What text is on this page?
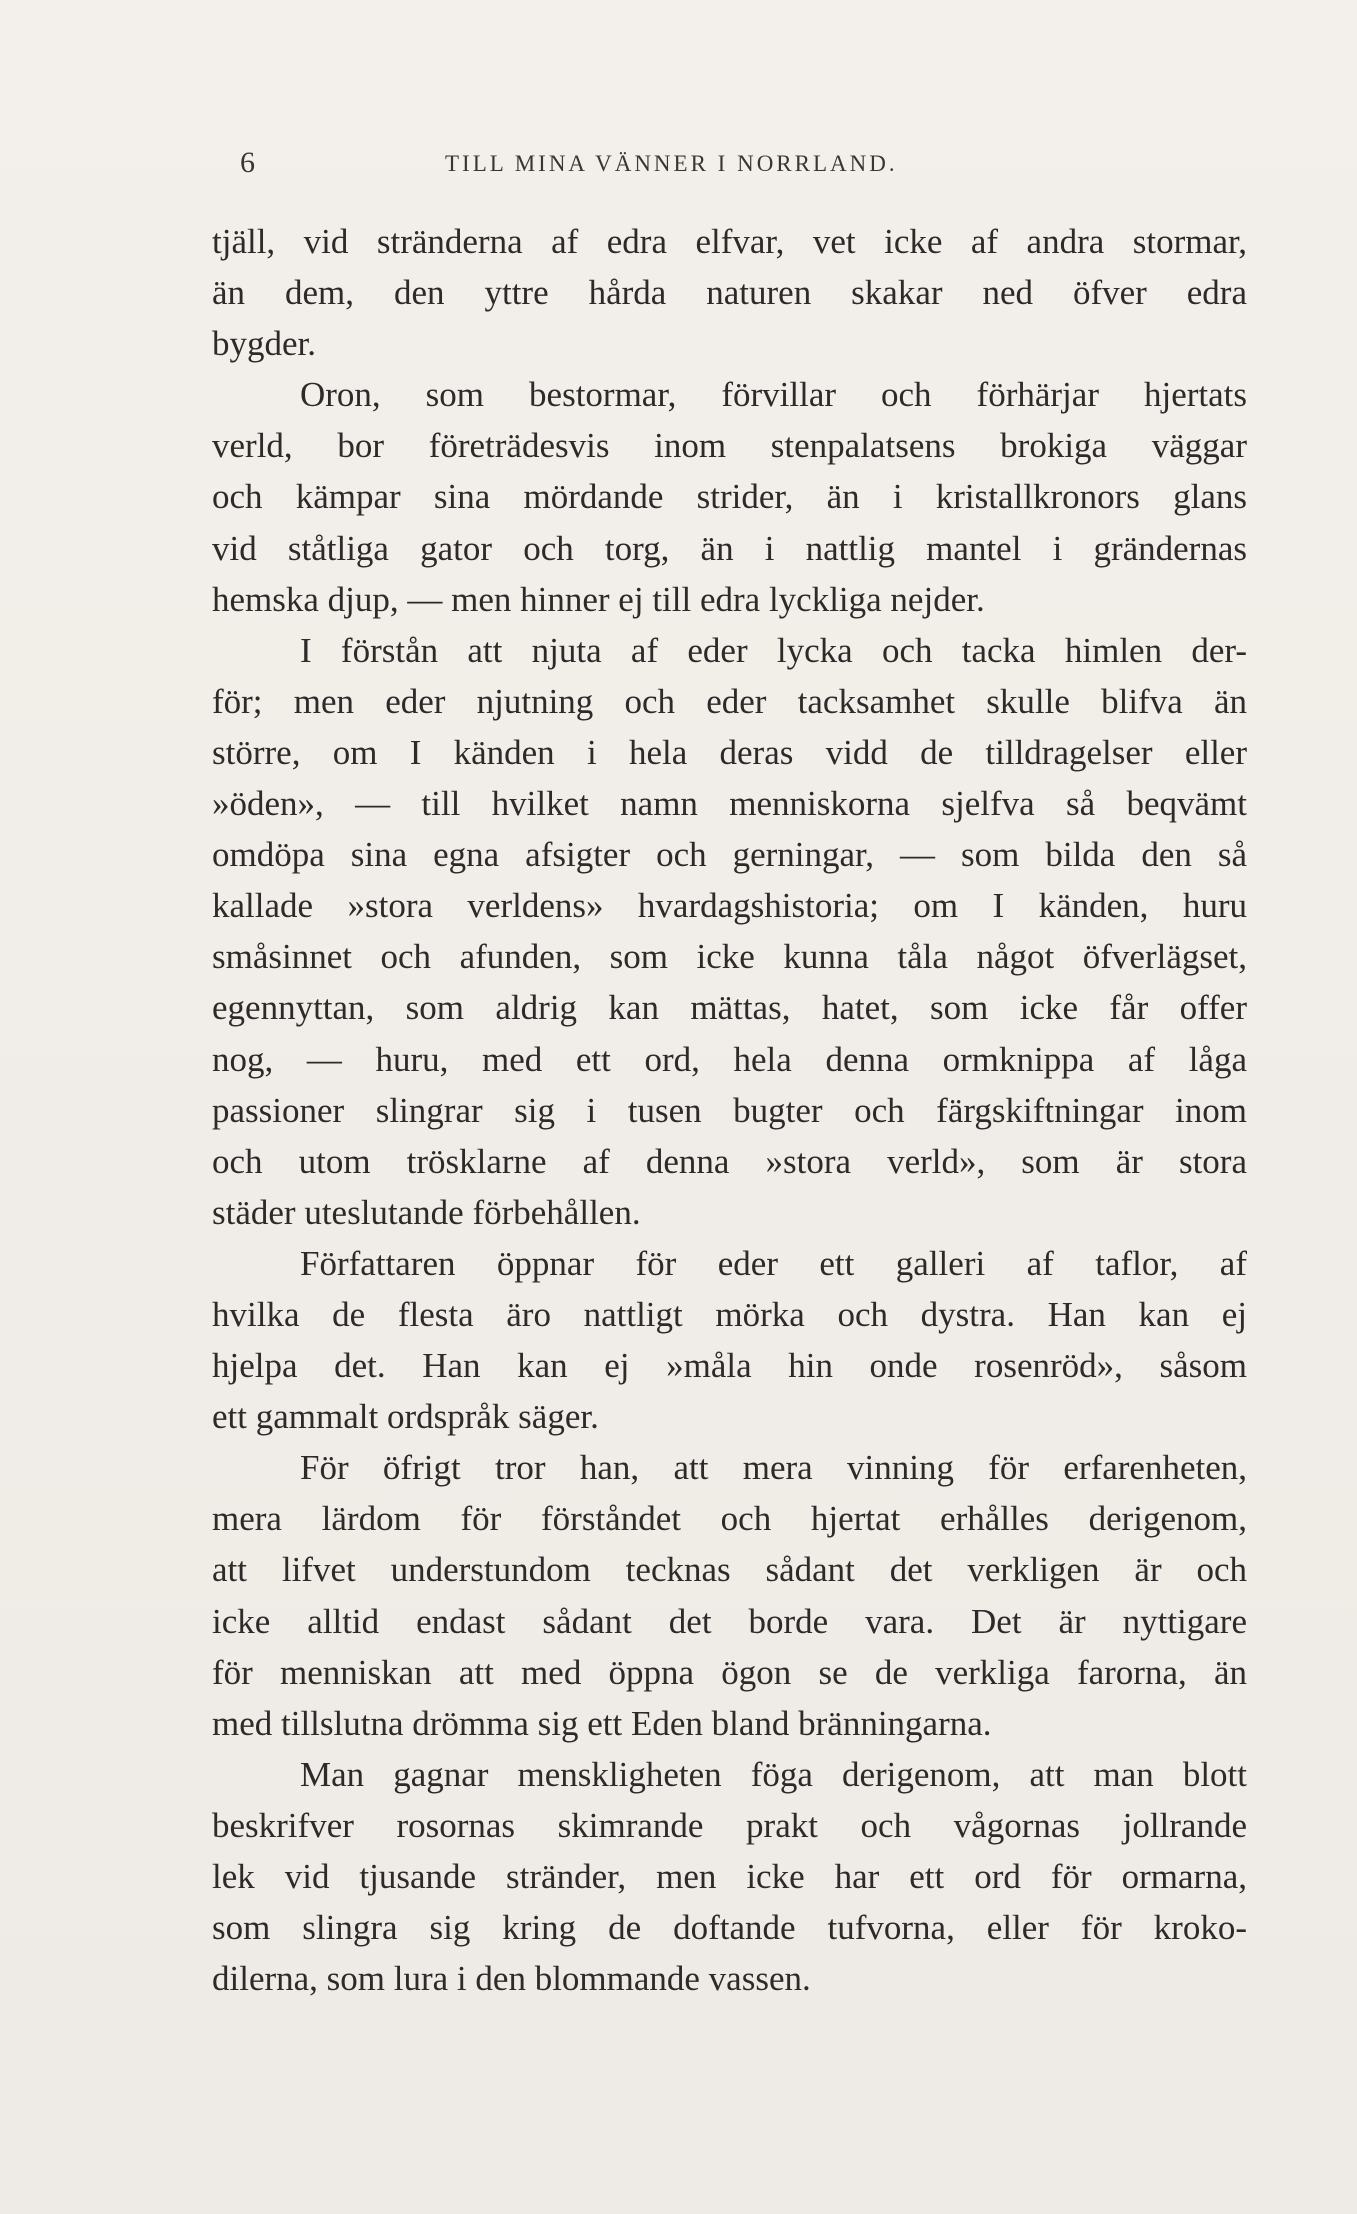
6	TILL MINA VÄNNER I NORRLAND.
tjäll, vid stränderna af edra elfvar, vet icke af andra stormar,
än dem, den yttre hårda naturen skakar ned öfver edra
bygder.
Oron, som bestormar, förvillar och förhärjar hjertats
verld, bor företrädesvis inom stenpalatsens brokiga väggar
och kämpar sina mördande strider, än i kristallkronors glans
vid ståtliga gator och torg, än i nattlig mantel i grändernas
hemska djup, — men hinner ej till edra lyckliga nejder.
I förstån att njuta af eder lycka och tacka himlen der-
för; men eder njutning och eder tacksamhet skulle blifva än
större, om I känden i hela deras vidd de tilldragelser eller
»öden», — till hvilket namn menniskorna sjelfva så beqvämt
omdöpa sina egna afsigter och gerningar, — som bilda den så
kallade »stora verldens» hvardagshistoria; om I känden, huru
småsinnet och afunden, som icke kunna tåla något öfverlägset,
egennyttan, som aldrig kan mättas, hatet, som icke får offer
nog, — huru, med ett ord, hela denna ormknippa af låga
passioner slingrar sig i tusen bugter och färgskiftningar inom
och utom trösklarne af denna »stora verld», som är stora
städer uteslutande förbehållen.
Författaren öppnar för eder ett galleri af taflor, af
hvilka de flesta äro nattligt mörka och dystra. Han kan ej
hjelpa det. Han kan ej »måla hin onde rosenröd», såsom
ett gammalt ordspråk säger.
För öfrigt tror han, att mera vinning för erfarenheten,
mera lärdom för förståndet och hjertat erhålles derigenom,
att lifvet understundom tecknas sådant det verkligen är och
icke alltid endast sådant det borde vara. Det är nyttigare
för menniskan att med öppna ögon se de verkliga farorna, än
med tillslutna drömma sig ett Eden bland bränningarna.
Man gagnar menskligheten föga derigenom, att man blott
beskrifver rosornas skimrande prakt och vågornas jollrande
lek vid tjusande stränder, men icke har ett ord för ormarna,
som slingra sig kring de doftande tufvorna, eller för kroko-
dilerna, som lura i den blommande vassen.
